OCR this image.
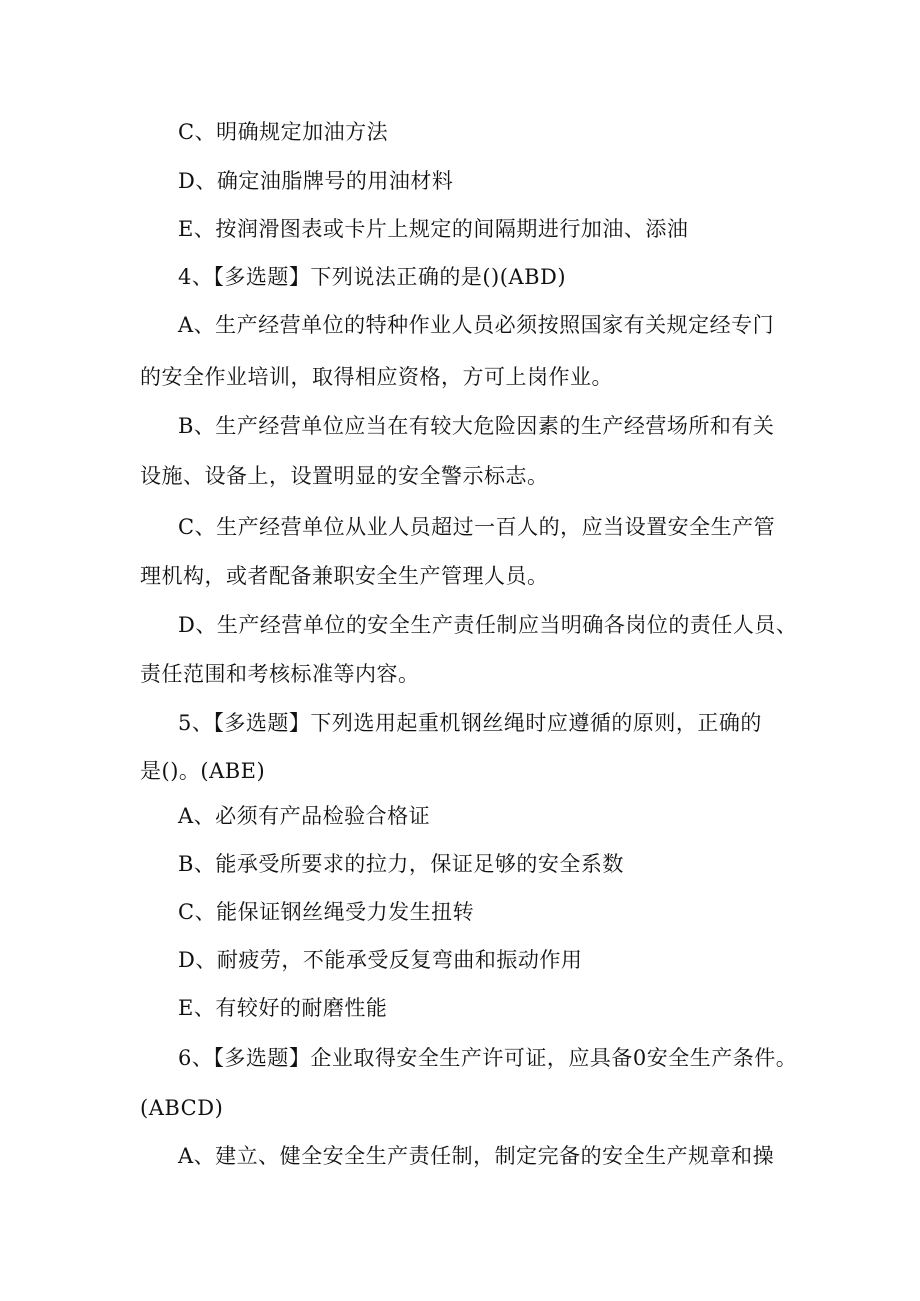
C、明确规定加油方法
D、确定油脂牌号的用油材料
E、按润滑图表或卡片上规定的间隔期进行加油、添油
4、【多选题】下列说法正确的是()(ABD)
A、生产经营单位的特种作业人员必须按照国家有关规定经专门
的安全作业培训，取得相应资格，方可上岗作业。
B、生产经营单位应当在有较大危险因素的生产经营场所和有关
设施、设备上，设置明显的安全警示标志。
C、生产经营单位从业人员超过一百人的，应当设置安全生产管
理机构，或者配备兼职安全生产管理人员。
D、生产经营单位的安全生产责任制应当明确各岗位的责任人员、
责任范围和考核标准等内容。
5、【多选题】下列选用起重机钢丝绳时应遵循的原则，正确的
是()。(ABE)
A、必须有产品检验合格证
B、能承受所要求的拉力，保证足够的安全系数
C、能保证钢丝绳受力发生扭转
D、耐疲劳，不能承受反复弯曲和振动作用
E、有较好的耐磨性能
6、【多选题】企业取得安全生产许可证，应具备0安全生产条件。
(ABCD)
A、建立、健全安全生产责任制，制定完备的安全生产规章和操
